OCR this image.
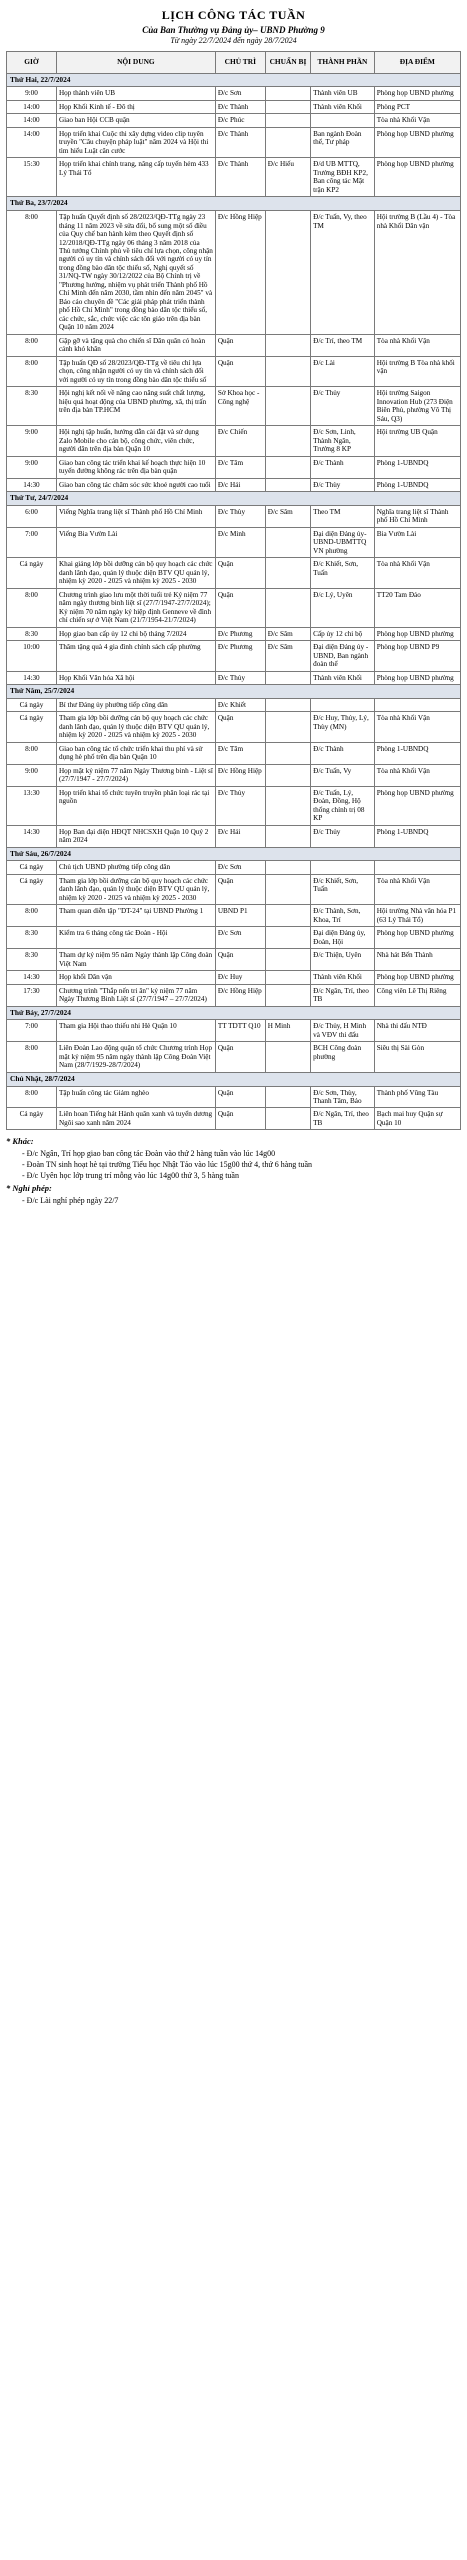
LỊCH CÔNG TÁC TUẦN
Của Ban Thường vụ Đảng ủy– UBND Phường 9
Từ ngày 22/7/2024 đến ngày 28/7/2024
GIỜ	NỘI DUNG	CHỦ TRÌ	CHUẨN BỊ	THÀNH PHẦN	ĐỊA ĐIỂM
Thứ Hai, 22/7/2024					
9:00	Họp thành viên UB	Đ/c Sơn		Thành viên UB	Phòng họp UBND phường
14:00	Họp Khối Kinh tế - Đô thị	Đ/c Thành		Thành viên Khối	Phòng PCT
14:00	Giao ban Hội CCB quận	Đ/c Phúc			Tòa nhà Khối Vận
14:00	Họp triển khai Cuộc thi xây dựng video clip tuyên truyền "Câu chuyện pháp luật" năm 2024 và Hội thi tìm hiểu Luật căn cước	Đ/c Thành		Ban ngành Đoàn thể, Tư pháp	Phòng họp UBND phường
15:30	Họp triển khai chính trang, nâng cấp tuyến hẻm 433 Lý Thái Tổ	Đ/c Thành	Đ/c Hiếu	Đ/d UB MTTQ, Trưởng BĐH KP2, Ban công tác Mặt trận KP2	Phòng họp UBND phường
Thứ Ba, 23/7/2024					
8:00	Tập huấn Quyết định số 28/2023/QĐ-TTg ngày 23 tháng 11 năm 2023 về sửa đổi, bổ sung một số điều của Quy chế ban hành kèm theo Quyết định số 12/2018/QĐ-TTg ngày 06 tháng 3 năm 2018 của Thủ tướng Chính phủ về tiêu chí lựa chọn, công nhận người có uy tín và chính sách đối với người có uy tín trong đồng bào dân tộc thiểu số, Nghị quyết số 31/NQ-TW ngày 30/12/2022 của Bộ Chính trị về "Phương hướng, nhiệm vụ phát triển Thành phố Hồ Chí Minh đến năm 2030, tầm nhìn đến năm 2045" và Báo cáo chuyên đề "Các giải pháp phát triển thành phố Hồ Chí Minh" trong đồng bào dân tộc thiểu số, các chức, sắc, chức việc các tôn giáo trên địa bàn Quận 10 năm 2024	Đ/c Hồng Hiệp		Đ/c Tuấn, Vy, theo TM	Hội trường B (Lầu 4) - Tòa nhà Khối Dân vận
8:00	Gặp gỡ và tặng quà cho chiến sĩ Dân quân có hoàn cảnh khó khăn	Quận		Đ/c Trí, theo TM	Tòa nhà Khối Vận
8:00	Tập huấn QĐ số 28/2023/QĐ-TTg về tiêu chí lựa chọn, công nhận người có uy tín và chính sách đối với người có uy tín trong đồng bào dân tộc thiểu số	Quận		Đ/c Lài	Hội trường B Tòa nhà khối vận
8:30	Hội nghị kết nối về nâng cao năng suất chất lượng, hiệu quả hoạt động của UBND phường, xã, thị trấn trên địa bàn TP.HCM	Sở Khoa học - Công nghệ		Đ/c Thủy	Hội trường Saigon Innovation Hub (273 Điện Biên Phủ, phường Võ Thị Sáu, Q3)
9:00	Hội nghị tập huấn, hướng dẫn cài đặt và sử dụng Zalo Mobile cho cán bộ, công chức, viên chức, người dân trên địa bàn Quận 10	Đ/c Chiến		Đ/c Sơn, Linh, Thành Ngân, Trưởng 8 KP	Hội trường UB Quận
9:00	Giao ban công tác triển khai kế hoạch thực hiện 10 tuyến đường không rác trên địa bàn quận	Đ/c Tâm		Đ/c Thành	Phòng 1-UBNDQ
14:30	Giao ban công tác chăm sóc sức khoẻ người cao tuổi	Đ/c Hải		Đ/c Thùy	Phòng 1-UBNDQ
Thứ Tư, 24/7/2024					
6:00	Viếng Nghĩa trang liệt sĩ Thành phố Hồ Chí Minh	Đ/c Thùy	Đ/c Sâm	Theo TM	Nghĩa trang liệt sĩ Thành phố Hồ Chí Minh
7:00	Viếng Bia Vườn Lài	Đ/c Minh		Đại diện Đảng ủy-UBND-UBMTTQ VN phường	Bia Vườn Lài
Cả ngày	Khai giảng lớp bồi dưỡng cán bộ quy hoạch các chức danh lãnh đạo, quản lý thuộc diện BTV QU quản lý, nhiệm kỳ 2020 - 2025 và nhiệm kỳ 2025 - 2030	Quận		Đ/c Khiết, Sơn, Tuấn	Tòa nhà Khối Vận
8:00	Chương trình giao lưu một thời tuổi trẻ Ký niệm 77 năm ngày thương binh liệt sĩ (27/7/1947-27/7/2024); Kỷ niệm 70 năm ngày ký hiệp định Genneve về đình chỉ chiến sự ở Việt Nam (21/7/1954-21/7/2024)	Quận		Đ/c Lý, Uyên	TT20 Tam Đảo
8:30	Họp giao ban cấp ủy 12 chi bộ tháng 7/2024	Đ/c Phương	Đ/c Sâm	Cấp ủy 12 chi bộ	Phòng họp UBND phường
10:00	Thăm tặng quà 4 gia đình chính sách cấp phường	Đ/c Phương	Đ/c Sâm	Đại diện Đảng ủy - UBND, Ban ngành đoàn thể	Phòng họp UBND P9
14:30	Họp Khối Văn hóa Xã hội	Đ/c Thủy		Thành viên Khối	Phòng họp UBND phường
Thứ Năm, 25/7/2024					
Cả ngày	Bí thư Đảng ủy phường tiếp công dân	Đ/c Khiết			
Cả ngày	Tham gia lớp bồi dưỡng cán bộ quy hoạch các chức danh lãnh đạo, quản lý thuộc diện BTV QU quản lý, nhiệm kỳ 2020 - 2025 và nhiệm kỳ 2025 - 2030	Quận		Đ/c Huy, Thủy, Lý, Thùy (MN)	Tòa nhà Khối Vận
8:00	Giao ban công tác tổ chức triển khai thu phí và sử dụng hè phố trên địa bàn Quận 10	Đ/c Tâm		Đ/c Thành	Phòng 1-UBNDQ
9:00	Họp mặt kỷ niệm 77 năm Ngày Thương binh - Liệt sĩ (27/7/1947 - 27/7/2024)	Đ/c Hồng Hiệp		Đ/c Tuấn, Vy	Tòa nhà Khối Vận
13:30	Họp triển khai tổ chức tuyên truyền phân loại rác tại nguồn	Đ/c Thủy		Đ/c Tuấn, Lý, Đoàn, Đồng, Hộ thống chính trị 08 KP	Phòng họp UBND phường
14:30	Họp Ban đại diện HĐQT NHCSXH Quận 10 Quý 2 năm 2024	Đ/c Hải		Đ/c Thủy	Phòng 1-UBNDQ
Thứ Sáu, 26/7/2024					
Cả ngày	Chủ tịch UBND phường tiếp công dân	Đ/c Sơn			
Cả ngày	Tham gia lớp bồi dưỡng cán bộ quy hoạch các chức danh lãnh đạo, quản lý thuộc diện BTV QU quản lý, nhiệm kỳ 2020 - 2025 và nhiệm kỳ 2025 - 2030	Quận		Đ/c Khiết, Sơn, Tuấn	Tòa nhà Khối Vận
8:00	Tham quan diễn tập "DT-24" tại UBND Phường 1	UBND P1		Đ/c Thành, Sơn, Khoa, Trí	Hội trường Nhà văn hóa P1 (63 Lý Thái Tổ)
8:30	Kiểm tra 6 tháng công tác Đoàn - Hội	Đ/c Sơn		Đại diện Đảng ủy, Đoàn, Hội	Phòng họp UBND phường
8:30	Tham dự kỷ niệm 95 năm Ngày thành lập Công đoàn Việt Nam	Quận		Đ/c Thiện, Uyên	Nhà hát Bến Thành
14:30	Họp khối Dân vận	Đ/c Huy		Thành viên Khối	Phòng họp UBND phường
17:30	Chương trình "Thắp nến tri ân" kỷ niệm 77 năm Ngày Thương Binh Liệt sĩ (27/7/1947 – 27/7/2024)	Đ/c Hồng Hiệp		Đ/c Ngân, Trí, theo TB	Công viên Lê Thị Riêng
Thứ Bảy, 27/7/2024					
7:00	Tham gia Hội thao thiếu nhi Hè Quận 10	TT TDTT Q10	H Minh	Đ/c Thủy, H Minh và VĐV thi đấu	Nhà thi đấu NTĐ
8:00	Liên Đoàn Lao động quận tổ chức Chương trình Họp mặt kỷ niệm 95 năm ngày thành lập Công Đoàn Việt Nam (28/7/1929-28/7/2024)	Quận		BCH Công đoàn phường	Siêu thị Sài Gòn
Chủ Nhật, 28/7/2024					
8:00	Tập huấn công tác Giảm nghèo	Quận		Đ/c Sơn, Thùy, Thanh Tâm, Bảo	Thành phố Vũng Tàu
Cả ngày	Liên hoan Tiếng hát Hành quân xanh và tuyển dương Ngôi sao xanh năm 2024	Quận		Đ/c Ngân, Trí, theo TB	Bạch mai huy Quận sự Quận 10
* Khác:
- Đ/c Ngân, Trí họp giao ban công tác Đoàn vào thứ 2 hàng tuần vào lúc 14g00
- Đoàn TN sinh hoạt hè tại trường Tiểu học Nhật Tảo vào lúc 15g00 thứ 4, thứ 6 hàng tuần
- Đ/c Uyên học lớp trung trí mỗng vào lúc 14g00 thứ 3, 5 hàng tuần
* Nghỉ phép:
- Đ/c Lài nghỉ phép ngày 22/7
